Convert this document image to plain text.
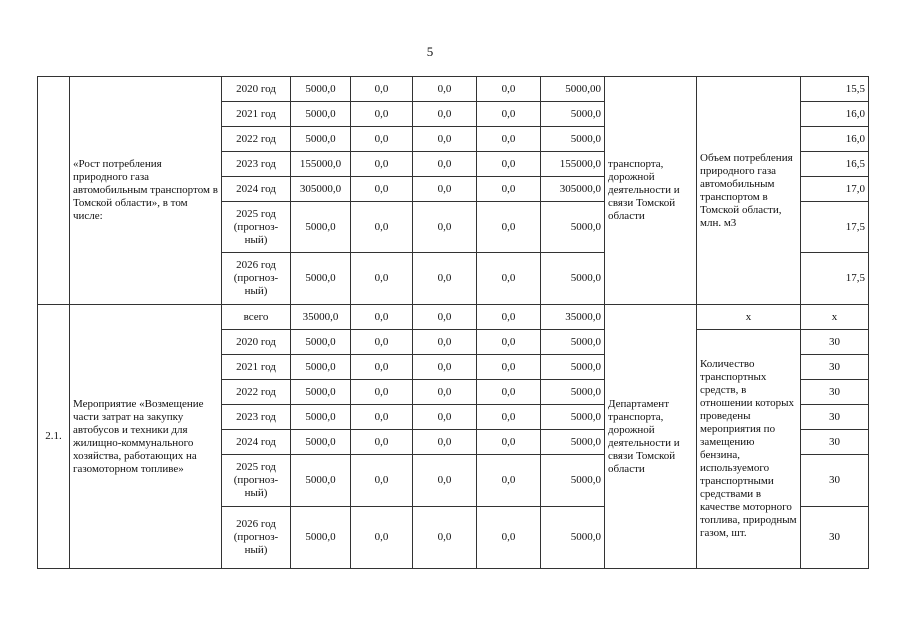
5
	«Рост потребления природного газа автомобильным транспортом в Томской области», в том числе:	2020 год	5000,0	0,0	0,0	0,0	5000,00	транспорта, дорожной деятельности и связи Томской области	Объем потребления природного газа автомобильным транспортом в Томской области, млн. м3	15,5
		2021 год	5000,0	0,0	0,0	0,0	5000,0			16,0
		2022 год	5000,0	0,0	0,0	0,0	5000,0			16,0
		2023 год	155000,0	0,0	0,0	0,0	155000,0			16,5
		2024 год	305000,0	0,0	0,0	0,0	305000,0			17,0
		2025 год (прогноз-ный)	5000,0	0,0	0,0	0,0	5000,0			17,5
		2026 год (прогноз-ный)	5000,0	0,0	0,0	0,0	5000,0			17,5
2.1.	Мероприятие «Возмещение части затрат на закупку автобусов и техники для жилищно-коммунального хозяйства, работающих на газомоторном топливе»	всего	35000,0	0,0	0,0	0,0	35000,0	Департамент транспорта, дорожной деятельности и связи Томской области	х	х
		2020 год	5000,0	0,0	0,0	0,0	5000,0		Количество транспортных средств, в отношении которых проведены мероприятия по замещению бензина, используемого транспортными средствами в качестве моторного топлива, природным газом, шт.	30
		2021 год	5000,0	0,0	0,0	0,0	5000,0			30
		2022 год	5000,0	0,0	0,0	0,0	5000,0			30
		2023 год	5000,0	0,0	0,0	0,0	5000,0			30
		2024 год	5000,0	0,0	0,0	0,0	5000,0			30
		2025 год (прогноз-ный)	5000,0	0,0	0,0	0,0	5000,0			30
		2026 год (прогноз-ный)	5000,0	0,0	0,0	0,0	5000,0			30
